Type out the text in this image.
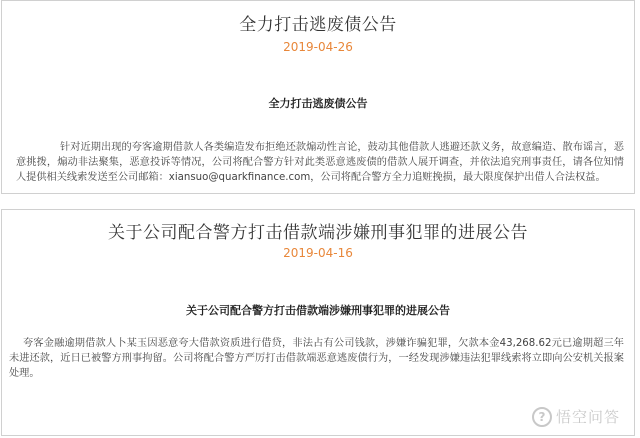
全力打击逃废债公告
2019-04-26
全力打击逃废债公告
针对近期出现的夸客逾期借款人各类编造发布拒绝还款煽动性言论，鼓动其他借款人逃避还款义务，故意编造、散布谣言，恶意挑拨，煽动非法聚集，恶意投诉等情况，公司将配合警方针对此类恶意逃废债的借款人展开调查，并依法追究刑事责任，请各位知情人提供相关线索发送至公司邮箱：xiansuo@quarkfinance.com，公司将配合警方全力追赃挽损，最大限度保护出借人合法权益。
关于公司配合警方打击借款端涉嫌刑事犯罪的进展公告
2019-04-16
关于公司配合警方打击借款端涉嫌刑事犯罪的进展公告
夸客金融逾期借款人卜某玉因恶意夸大借款资质进行借贷，非法占有公司钱款，涉嫌诈骗犯罪，欠款本金43,268.62元已逾期超三年未进还款，近日已被警方刑事拘留。公司将配合警方严厉打击借款端恶意逃废债行为，一经发现涉嫌违法犯罪线索将立即向公安机关报案处理。
? 悟空问答
